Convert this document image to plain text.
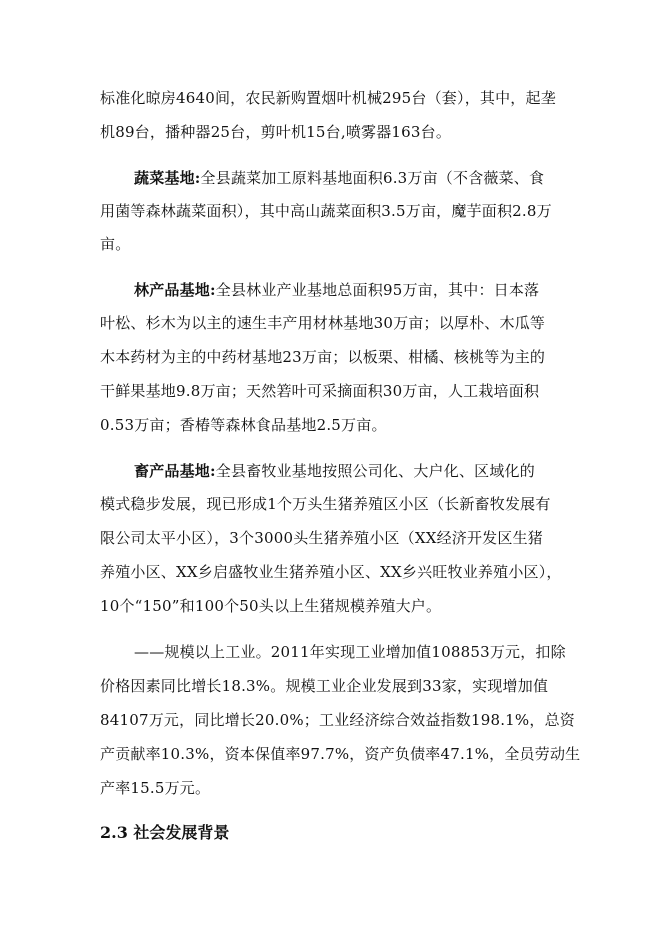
标准化晾房4640间，农民新购置烟叶机械295台（套），其中，起垄
机89台，播种器25台，剪叶机15台,喷雾器163台。
蔬菜基地:全县蔬菜加工原料基地面积6.3万亩（不含薇菜、食
用菌等森林蔬菜面积），其中高山蔬菜面积3.5万亩，魔芋面积2.8万
亩。
林产品基地:全县林业产业基地总面积95万亩，其中：日本落
叶松、杉木为以主的速生丰产用材林基地30万亩；以厚朴、木瓜等
木本药材为主的中药材基地23万亩；以板栗、柑橘、核桃等为主的
干鲜果基地9.8万亩；天然箬叶可采摘面积30万亩，人工栽培面积
0.53万亩；香椿等森林食品基地2.5万亩。
畜产品基地:全县畜牧业基地按照公司化、大户化、区域化的
模式稳步发展，现已形成1个万头生猪养殖区小区（长新畜牧发展有
限公司太平小区），3个3000头生猪养殖小区（XX经济开发区生猪
养殖小区、XX乡启盛牧业生猪养殖小区、XX乡兴旺牧业养殖小区），
10个“150”和100个50头以上生猪规模养殖大户。
——规模以上工业。2011年实现工业增加值108853万元，扣除
价格因素同比增长18.3%。规模工业企业发展到33家，实现增加值
84107万元，同比增长20.0%；工业经济综合效益指数198.1%，总资
产贡献率10.3%，资本保值率97.7%，资产负债率47.1%，全员劳动生
产率15.5万元。
2.3 社会发展背景
